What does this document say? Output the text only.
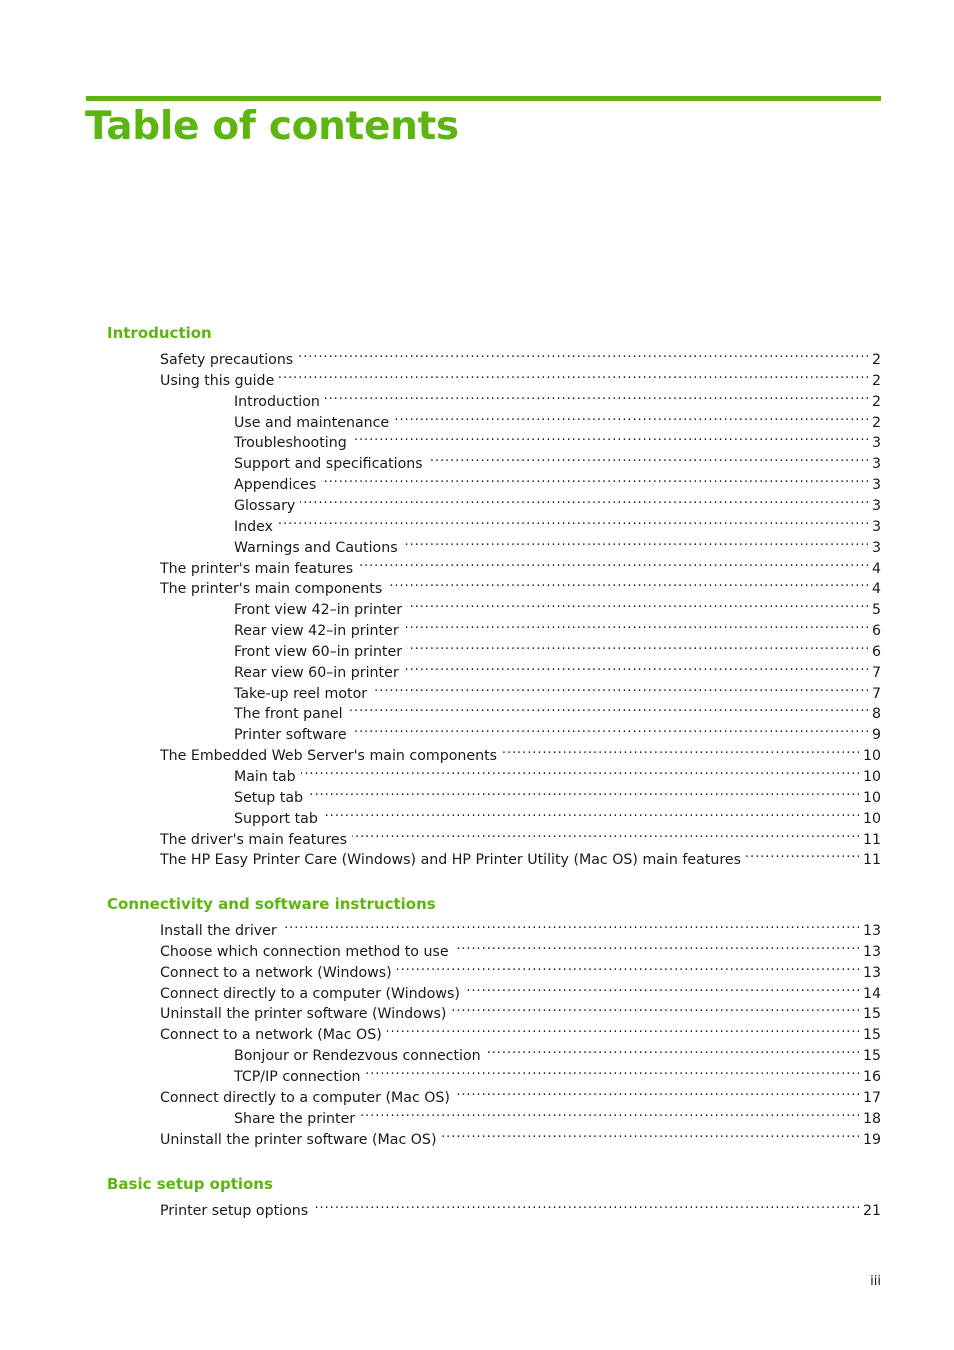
Table of contents
Introduction
Safety precautions . . .	2
Using this guide . . .	2
Introduction . . .	2
Use and maintenance . . .	2
Troubleshooting . . .	3
Support and specifications . . .	3
Appendices . . .	3
Glossary . . .	3
Index . . .	3
Warnings and Cautions . . .	3
The printer's main features . . .	4
The printer's main components . . .	4
Front view 42–in printer . . .	5
Rear view 42–in printer . . .	6
Front view 60–in printer . . .	6
Rear view 60–in printer . . .	7
Take-up reel motor . . .	7
The front panel . . .	8
Printer software . . .	9
The Embedded Web Server's main components . . .	10
Main tab . . .	10
Setup tab . . .	10
Support tab . . .	10
The driver's main features . . .	11
The HP Easy Printer Care (Windows) and HP Printer Utility (Mac OS) main features . . .	11
Connectivity and software instructions
Install the driver . . .	13
Choose which connection method to use . . .	13
Connect to a network (Windows) . . .	13
Connect directly to a computer (Windows) . . .	14
Uninstall the printer software (Windows) . . .	15
Connect to a network (Mac OS) . . .	15
Bonjour or Rendezvous connection . . .	15
TCP/IP connection . . .	16
Connect directly to a computer (Mac OS) . . .	17
Share the printer . . .	18
Uninstall the printer software (Mac OS) . . .	19
Basic setup options
Printer setup options . . .	21
iii
